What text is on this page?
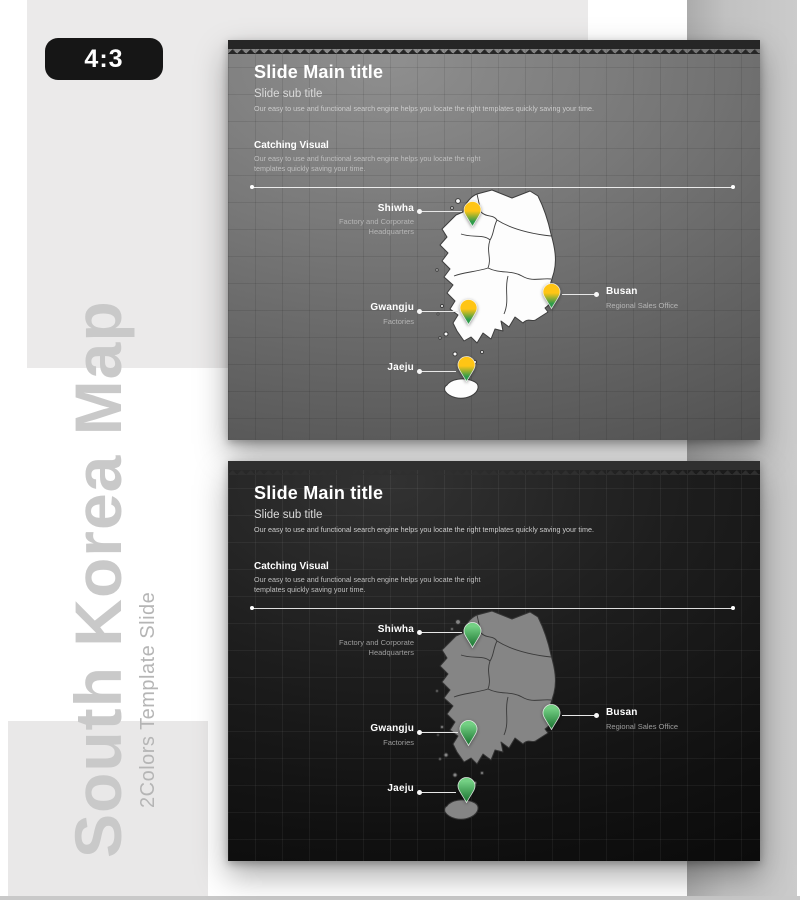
4:3
South Korea Map 2Colors Template Slide
Slide Main title
Slide sub title
Our easy to use and functional search engine helps you locate the right templates quickly saving your time.
Catching Visual
Our easy to use and functional search engine helps you locate the right templates quickly saving your time.
Shiwha
Factory and Corporate Headquarters
Busan
Regional Sales Office
Gwangju
Factories
Jaeju
Slide Main title
Slide sub title
Our easy to use and functional search engine helps you locate the right templates quickly saving your time.
Catching Visual
Our easy to use and functional search engine helps you locate the right templates quickly saving your time.
Shiwha
Factory and Corporate Headquarters
Busan
Regional Sales Office
Gwangju
Factories
Jaeju
